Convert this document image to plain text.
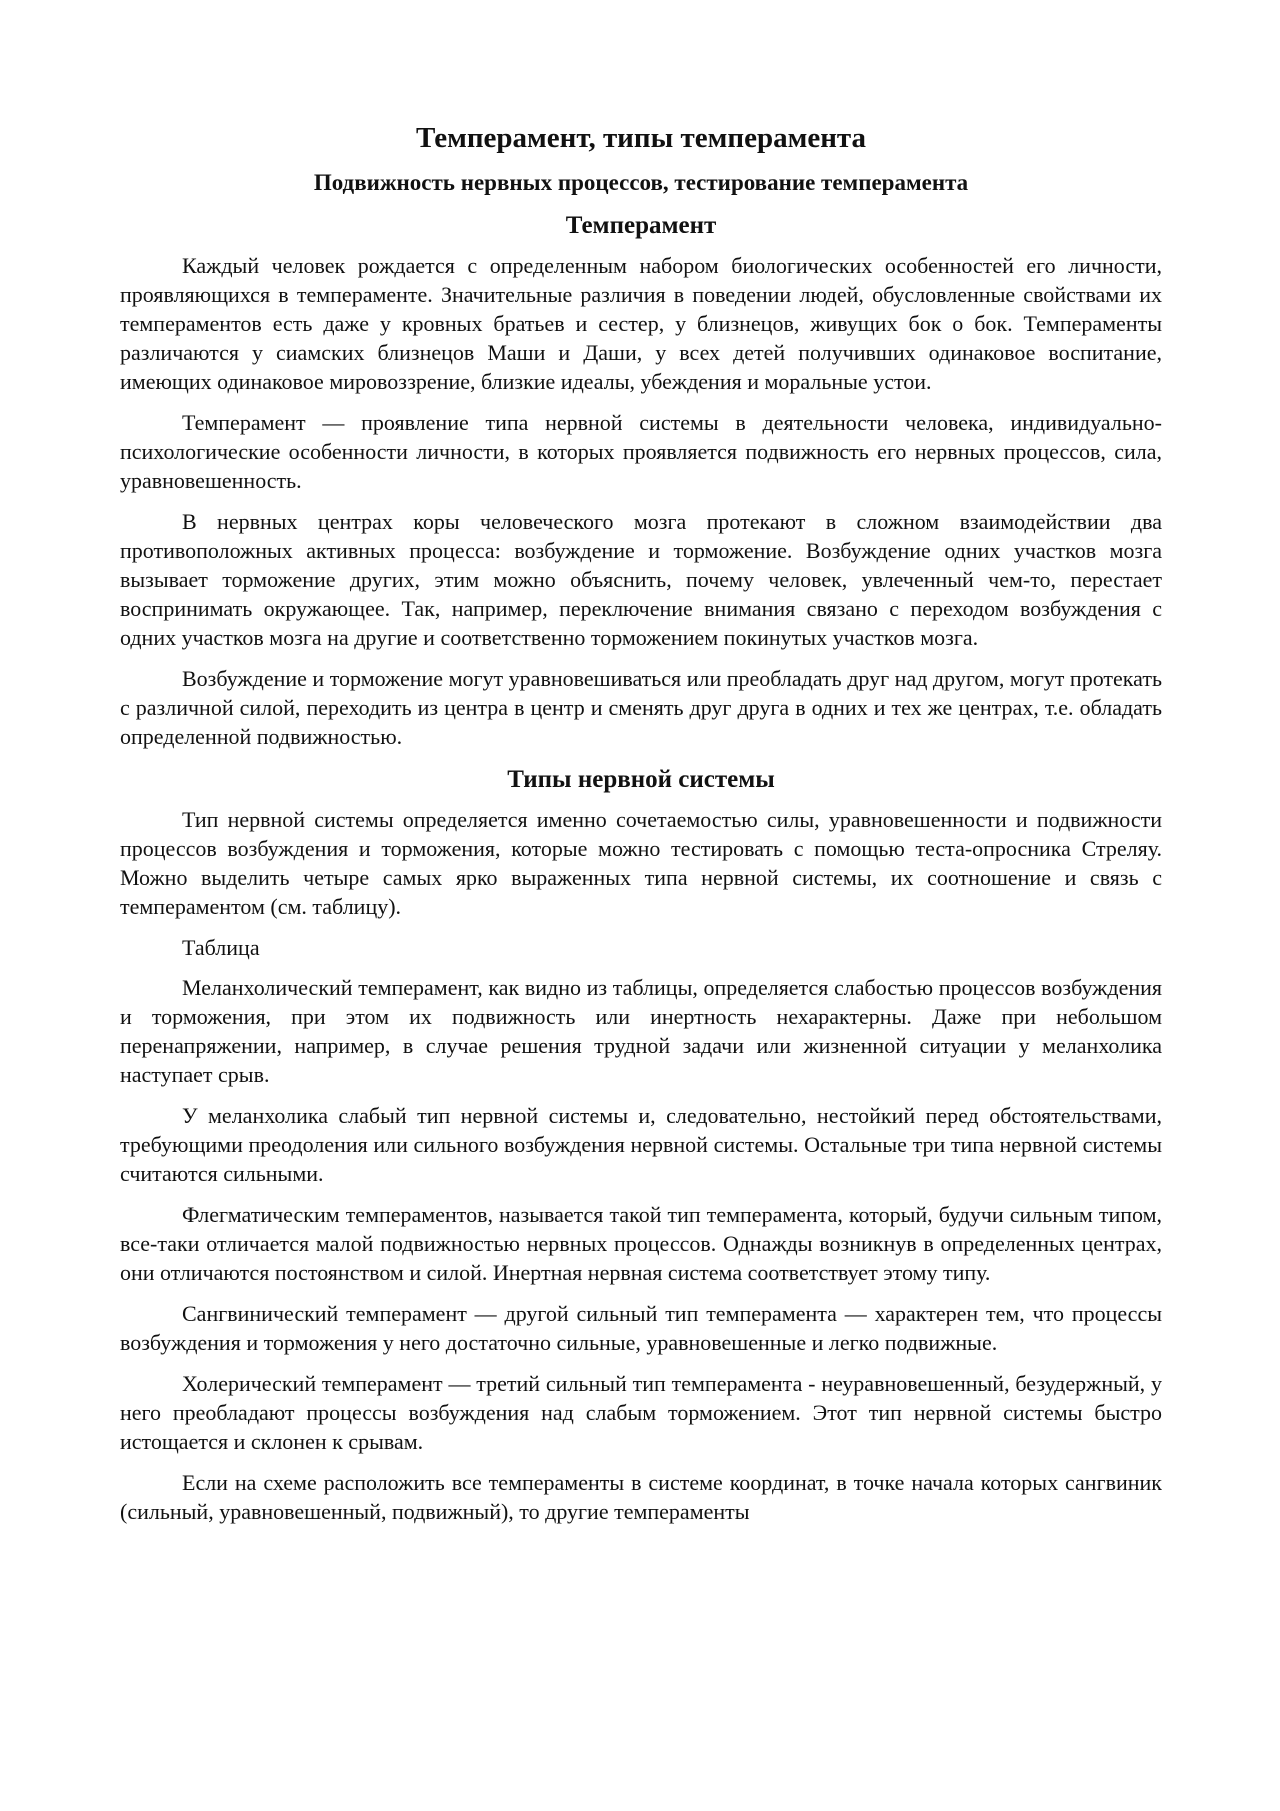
Темперамент, типы темперамента
Подвижность нервных процессов, тестирование темперамента
Темперамент

Каждый человек рождается с определенным набором биологических особенностей его личности, проявляющихся в темпераменте. Значительные различия в поведении людей, обусловленные свойствами их темпераментов есть даже у кровных братьев и сестер, у близнецов, живущих бок о бок. Темпераменты различаются у сиамских близнецов Маши и Даши, у всех детей получивших одинаковое воспитание, имеющих одинаковое мировоззрение, близкие идеалы, убеждения и моральные устои.

Темперамент — проявление типа нервной системы в деятельности человека, индивидуально-психологические особенности личности, в которых проявляется подвижность его нервных процессов, сила, уравновешенность.

В нервных центрах коры человеческого мозга протекают в сложном взаимодействии два противоположных активных процесса: возбуждение и торможение. Возбуждение одних участков мозга вызывает торможение других, этим можно объяснить, почему человек, увлеченный чем-то, перестает воспринимать окружающее. Так, например, переключение внимания связано с переходом возбуждения с одних участков мозга на другие и соответственно торможением покинутых участков мозга.

Возбуждение и торможение могут уравновешиваться или преобладать друг над другом, могут протекать с различной силой, переходить из центра в центр и сменять друг друга в одних и тех же центрах, т.е. обладать определенной подвижностью.

Типы нервной системы

Тип нервной системы определяется именно сочетаемостью силы, уравновешенности и подвижности процессов возбуждения и торможения, которые можно тестировать с помощью теста-опросника Стреляу. Можно выделить четыре самых ярко выраженных типа нервной системы, их соотношение и связь с темпераментом (см. таблицу).

Таблица

Меланхолический темперамент, как видно из таблицы, определяется слабостью процессов возбуждения и торможения, при этом их подвижность или инертность нехарактерны. Даже при небольшом перенапряжении, например, в случае решения трудной задачи или жизненной ситуации у меланхолика наступает срыв.

У меланхолика слабый тип нервной системы и, следовательно, нестойкий перед обстоятельствами, требующими преодоления или сильного возбуждения нервной системы. Остальные три типа нервной системы считаются сильными.

Флегматическим темпераментов, называется такой тип темперамента, который, будучи сильным типом, все-таки отличается малой подвижностью нервных процессов. Однажды возникнув в определенных центрах, они отличаются постоянством и силой. Инертная нервная система соответствует этому типу.

Сангвинический темперамент — другой сильный тип темперамента — характерен тем, что процессы возбуждения и торможения у него достаточно сильные, уравновешенные и легко подвижные.

Холерический темперамент — третий сильный тип темперамента - неуравновешенный, безудержный, у него преобладают процессы возбуждения над слабым торможением. Этот тип нервной системы быстро истощается и склонен к срывам.

Если на схеме расположить все темпераменты в системе координат, в точке начала которых сангвиник (сильный, уравновешенный, подвижный), то другие темпераменты
